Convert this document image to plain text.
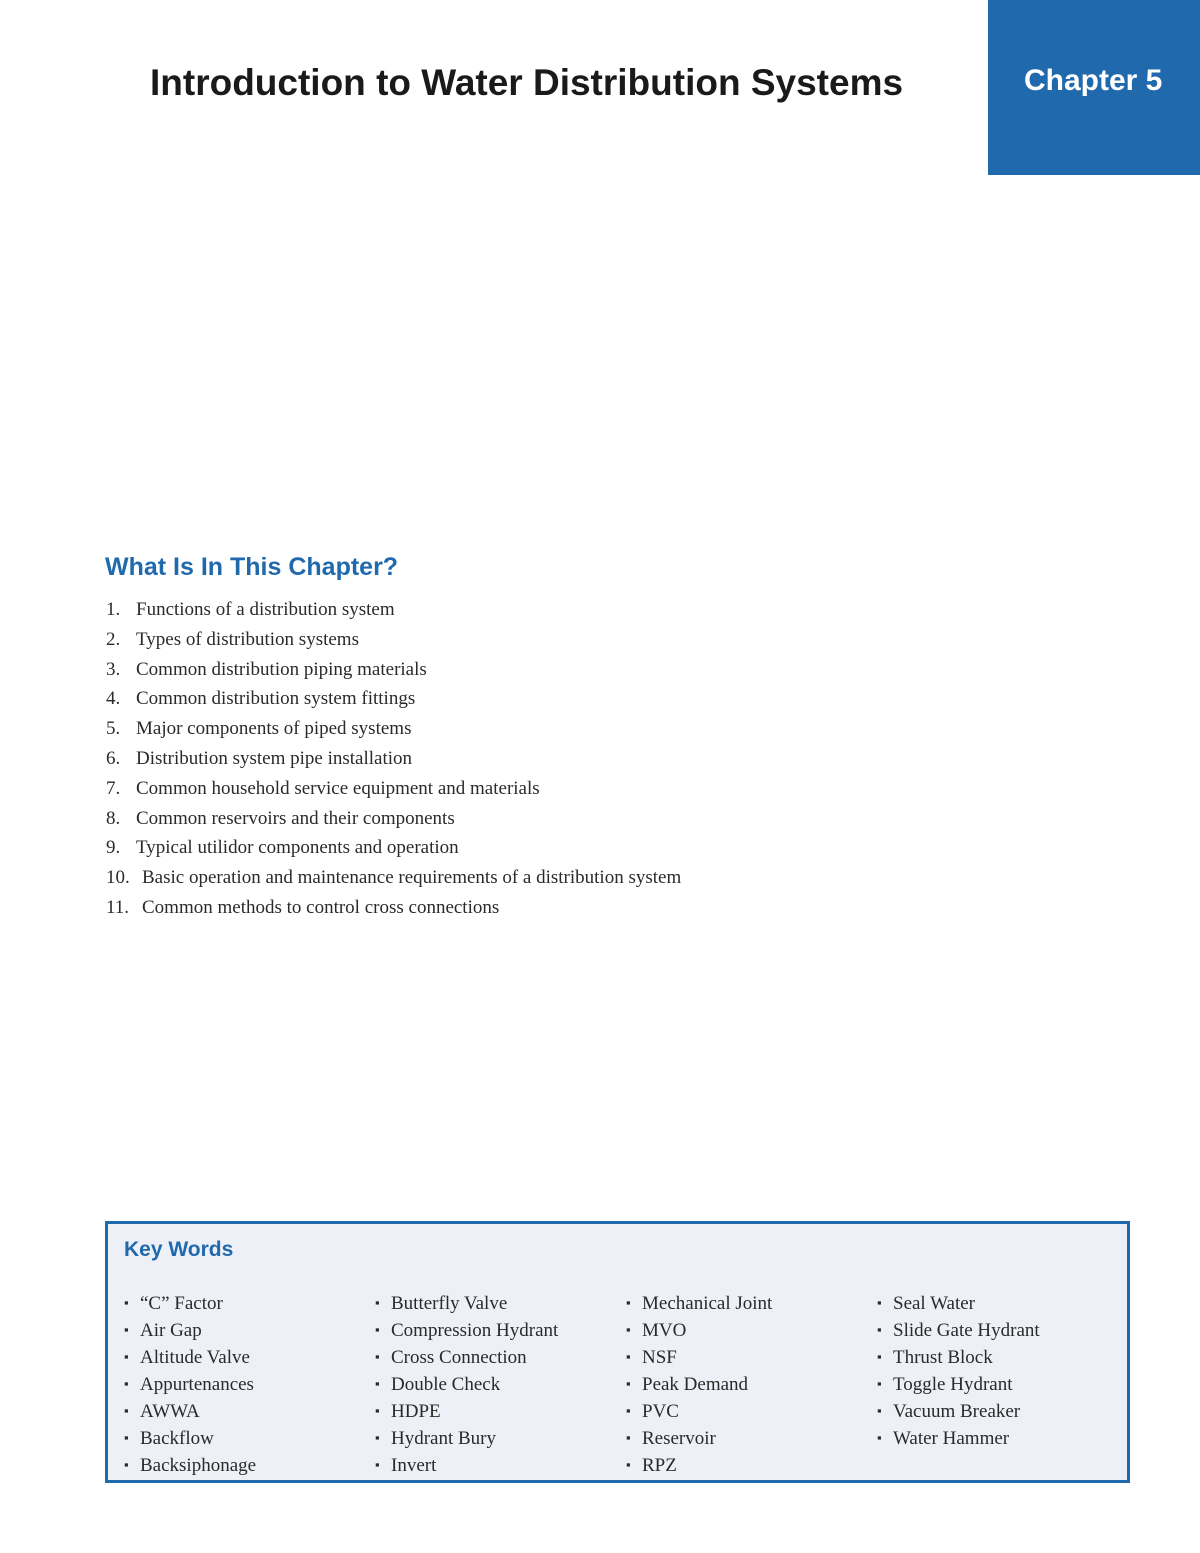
Introduction to Water Distribution Systems	Chapter 5
What Is In This Chapter?
1. Functions of a distribution system
2. Types of distribution systems
3. Common distribution piping materials
4. Common distribution system fittings
5. Major components of piped systems
6. Distribution system pipe installation
7. Common household service equipment and materials
8. Common reservoirs and their components
9. Typical utilidor components and operation
10. Basic operation and maintenance requirements of a distribution system
11. Common methods to control cross connections
Key Words
▪ “C” Factor
▪ Air Gap
▪ Altitude Valve
▪ Appurtenances
▪ AWWA
▪ Backflow
▪ Backsiphonage
▪ Butterfly Valve
▪ Compression Hydrant
▪ Cross Connection
▪ Double Check
▪ HDPE
▪ Hydrant Bury
▪ Invert
▪ Mechanical Joint
▪ MVO
▪ NSF
▪ Peak Demand
▪ PVC
▪ Reservoir
▪ RPZ
▪ Seal Water
▪ Slide Gate Hydrant
▪ Thrust Block
▪ Toggle Hydrant
▪ Vacuum Breaker
▪ Water Hammer
